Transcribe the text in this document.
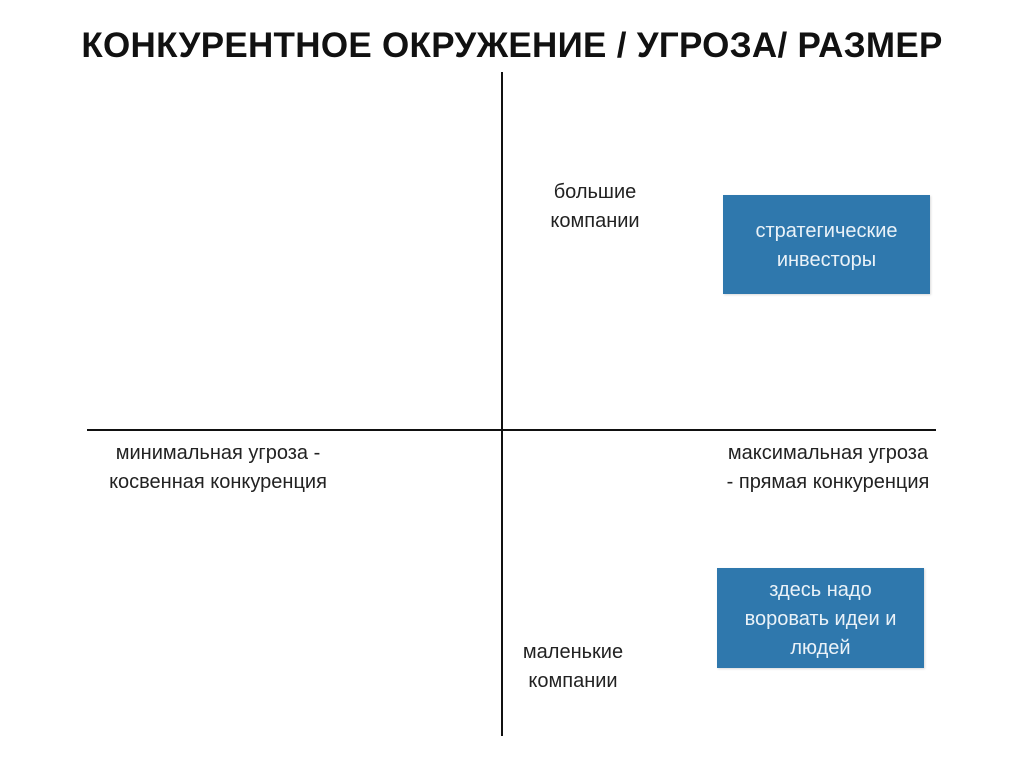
КОНКУРЕНТНОЕ ОКРУЖЕНИЕ / УГРОЗА/ РАЗМЕР
большие
компании
маленькие
компании
минимальная угроза -
косвенная конкуренция
максимальная угроза
- прямая конкуренция
стратегические
инвесторы
здесь надо
воровать идеи и
людей
